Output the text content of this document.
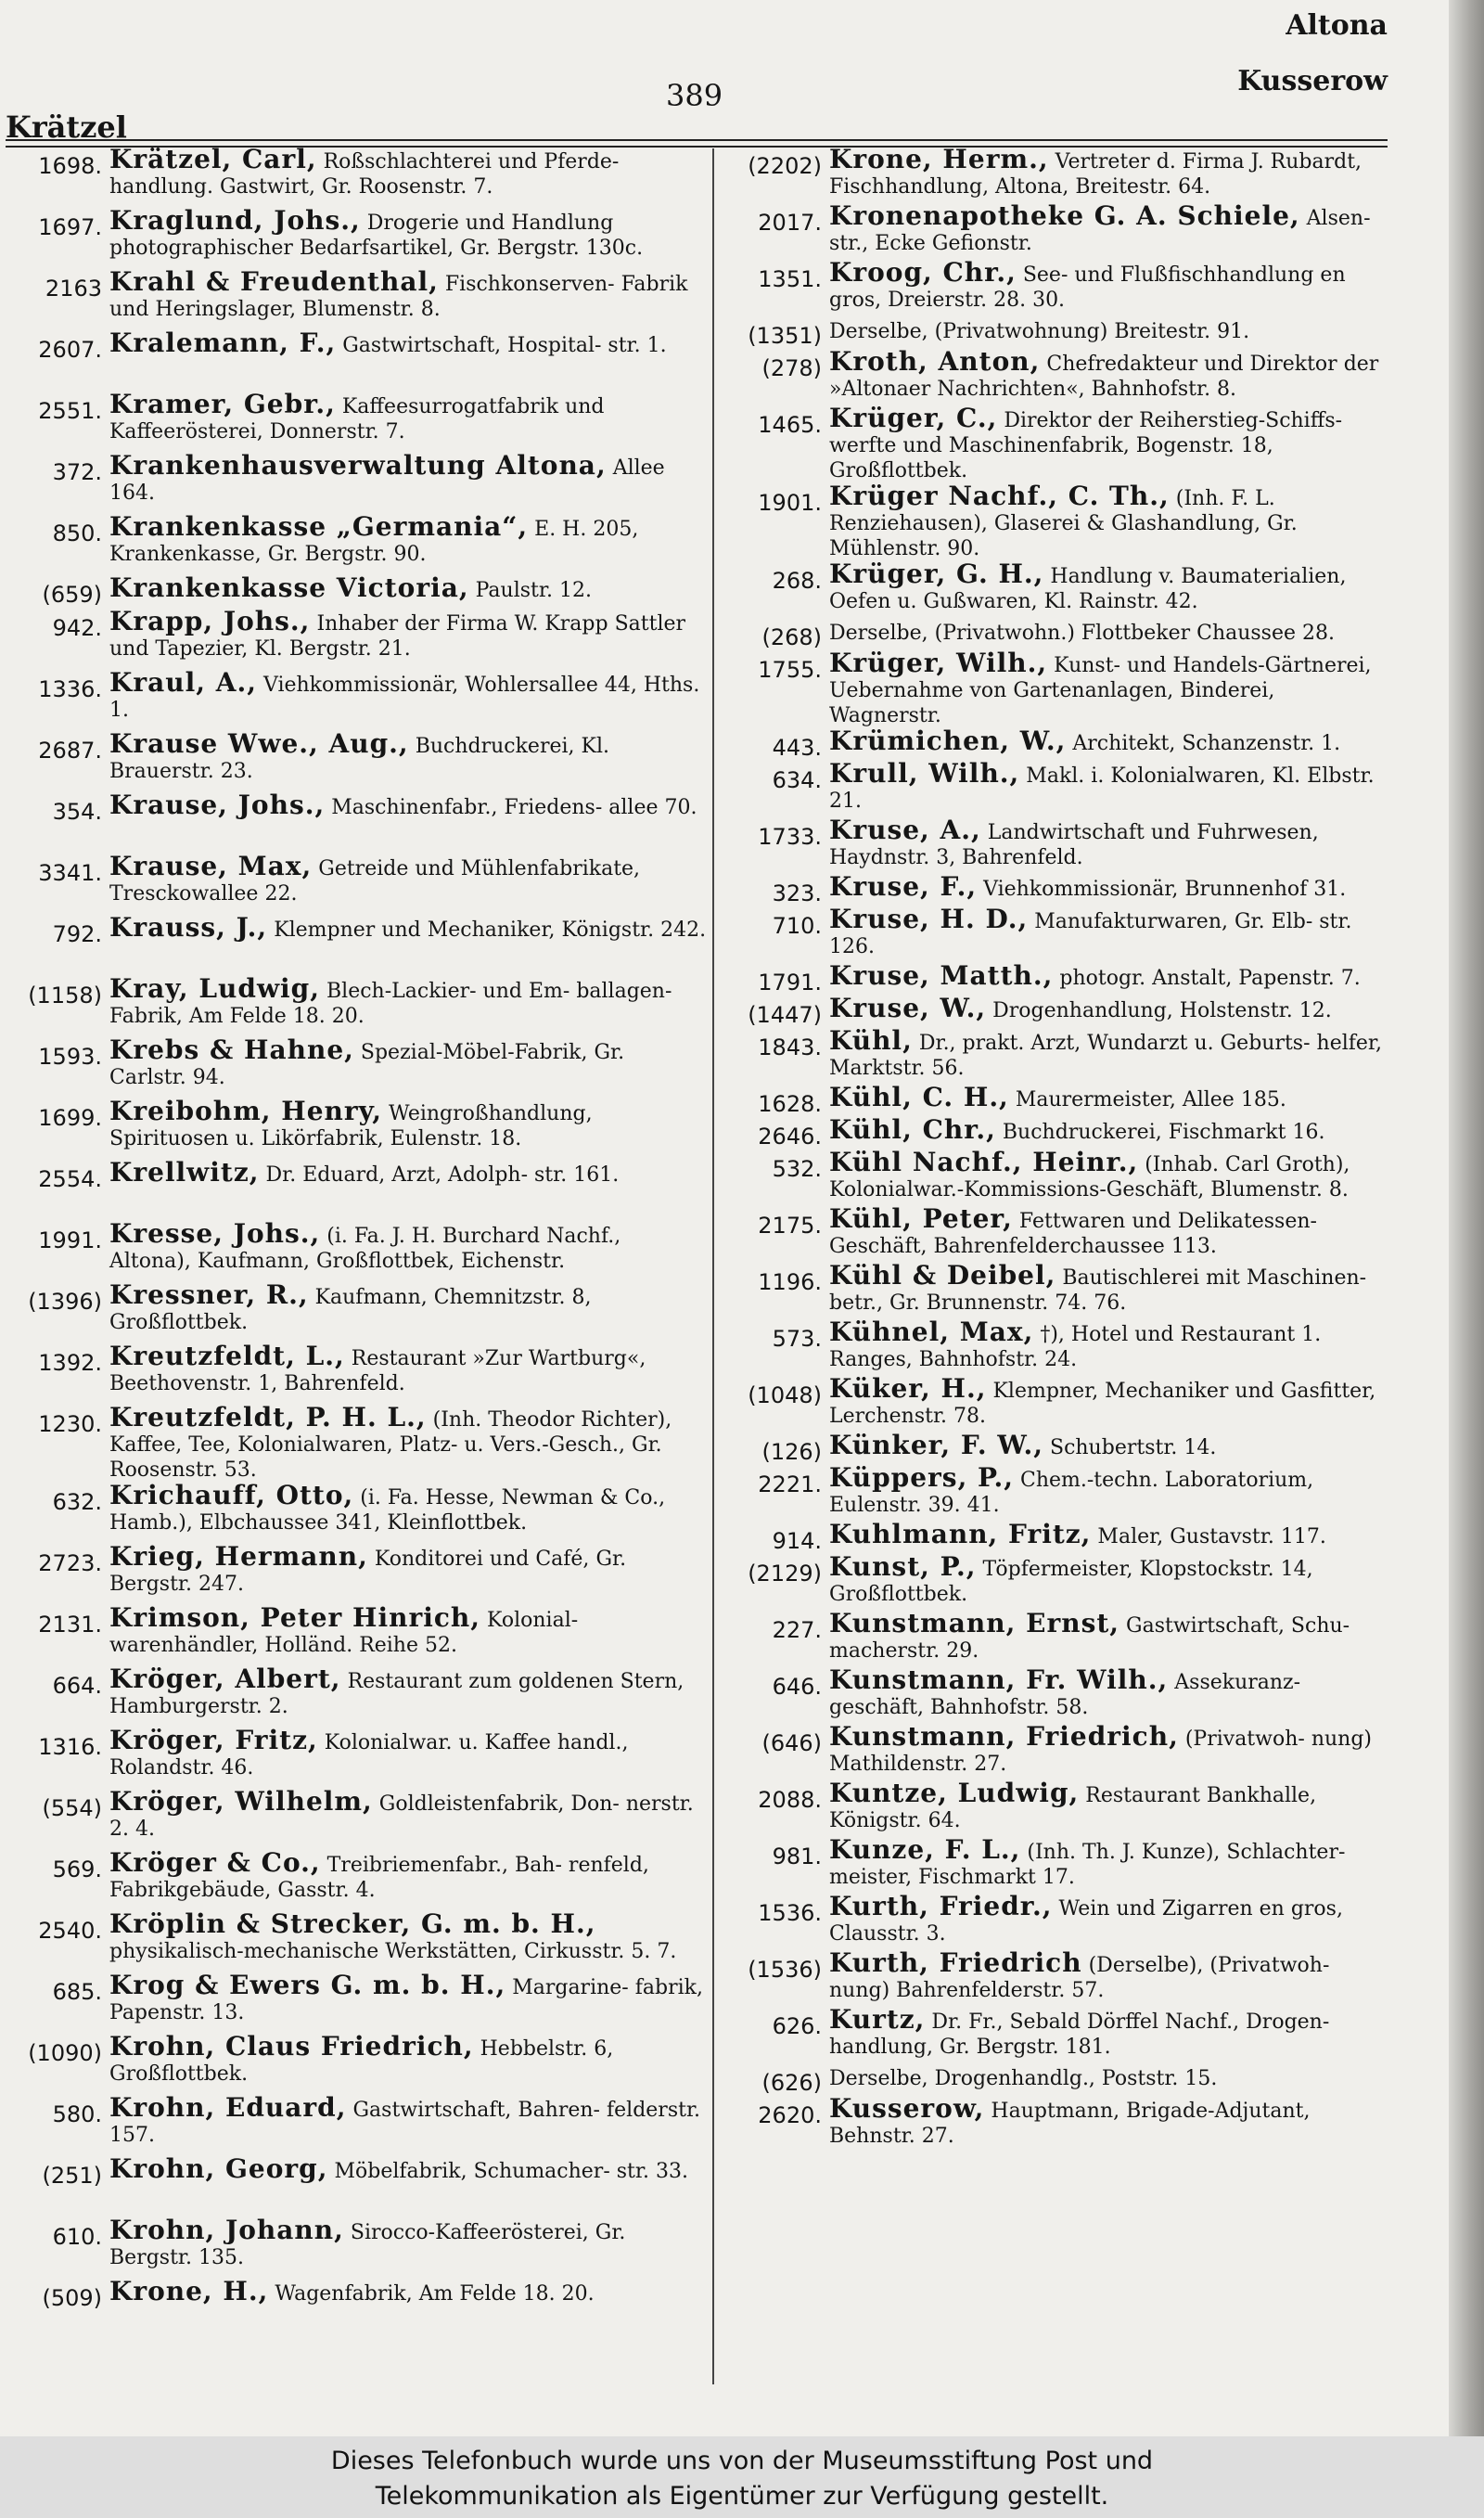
Krätzel
389
Altona
Kusserow
1698. Krätzel, Carl, Roßschlachterei und Pferde- handlung. Gastwirt, Gr. Roosenstr. 7.
1697. Kraglund, Johs., Drogerie und Handlung photographischer Bedarfsartikel, Gr. Bergstr. 130c.
2163 Krahl & Freudenthal, Fischkonserven- Fabrik und Heringslager, Blumenstr. 8.
2607. Kralemann, F., Gastwirtschaft, Hospital- str. 1.
2551. Kramer, Gebr., Kaffeesurrogatfabrik und Kaffeerösterei, Donnerstr. 7.
372. Krankenhausverwaltung Altona, Allee 164.
850. Krankenkasse „Germania“, E. H. 205, Krankenkasse, Gr. Bergstr. 90.
(659) Krankenkasse Victoria, Paulstr. 12.
942. Krapp, Johs., Inhaber der Firma W. Krapp Sattler und Tapezier, Kl. Bergstr. 21.
1336. Kraul, A., Viehkommissionär, Wohlersallee 44, Hths. 1.
2687. Krause Wwe., Aug., Buchdruckerei, Kl. Brauerstr. 23.
354. Krause, Johs., Maschinenfabr., Friedens- allee 70.
3341. Krause, Max, Getreide und Mühlenfabrikate, Tresckowallee 22.
792. Krauss, J., Klempner und Mechaniker, Königstr. 242.
(1158) Kray, Ludwig, Blech-Lackier- und Em- ballagen-Fabrik, Am Felde 18. 20.
1593. Krebs & Hahne, Spezial-Möbel-Fabrik, Gr. Carlstr. 94.
1699. Kreibohm, Henry, Weingroßhandlung, Spirituosen u. Likörfabrik, Eulenstr. 18.
2554. Krellwitz, Dr. Eduard, Arzt, Adolph- str. 161.
1991. Kresse, Johs., (i. Fa. J. H. Burchard Nachf., Altona), Kaufmann, Großflottbek, Eichenstr.
(1396) Kressner, R., Kaufmann, Chemnitzstr. 8, Großflottbek.
1392. Kreutzfeldt, L., Restaurant »Zur Wartburg«, Beethovenstr. 1, Bahrenfeld.
1230. Kreutzfeldt, P. H. L., (Inh. Theodor Richter), Kaffee, Tee, Kolonialwaren, Platz- u. Vers.-Gesch., Gr. Roosenstr. 53.
632. Krichauff, Otto, (i. Fa. Hesse, Newman & Co., Hamb.), Elbchaussee 341, Kleinflottbek.
2723. Krieg, Hermann, Konditorei und Café, Gr. Bergstr. 247.
2131. Krimson, Peter Hinrich, Kolonial- warenhändler, Holländ. Reihe 52.
664. Kröger, Albert, Restaurant zum goldenen Stern, Hamburgerstr. 2.
1316. Kröger, Fritz, Kolonialwar. u. Kaffee handl., Rolandstr. 46.
(554) Kröger, Wilhelm, Goldleistenfabrik, Don- nerstr. 2. 4.
569. Kröger & Co., Treibriemenfabr., Bah- renfeld, Fabrikgebäude, Gasstr. 4.
2540. Kröplin & Strecker, G. m. b. H., physikalisch-mechanische Werkstätten, Cirkusstr. 5. 7.
685. Krog & Ewers G. m. b. H., Margarine- fabrik, Papenstr. 13.
(1090) Krohn, Claus Friedrich, Hebbelstr. 6, Großflottbek.
580. Krohn, Eduard, Gastwirtschaft, Bahren- felderstr. 157.
(251) Krohn, Georg, Möbelfabrik, Schumacher- str. 33.
610. Krohn, Johann, Sirocco-Kaffeerösterei, Gr. Bergstr. 135.
(509) Krone, H., Wagenfabrik, Am Felde 18. 20.
(2202) Krone, Herm., Vertreter d. Firma J. Rubardt, Fischhandlung, Altona, Breitestr. 64.
2017. Kronenapotheke G. A. Schiele, Alsen- str., Ecke Gefionstr.
1351. Kroog, Chr., See- und Flußfischhandlung en gros, Dreierstr. 28. 30.
(1351) Derselbe, (Privatwohnung) Breitestr. 91.
(278) Kroth, Anton, Chefredakteur und Direktor der »Altonaer Nachrichten«, Bahnhofstr. 8.
1465. Krüger, C., Direktor der Reiherstieg-Schiffs- werfte und Maschinenfabrik, Bogenstr. 18, Großflottbek.
1901. Krüger Nachf., C. Th., (Inh. F. L. Renziehausen), Glaserei & Glashandlung, Gr. Mühlenstr. 90.
268. Krüger, G. H., Handlung v. Baumaterialien, Oefen u. Gußwaren, Kl. Rainstr. 42.
(268) Derselbe, (Privatwohn.) Flottbeker Chaussee 28.
1755. Krüger, Wilh., Kunst- und Handels-Gärtnerei, Uebernahme von Gartenanlagen, Binderei, Wagnerstr.
443. Krümichen, W., Architekt, Schanzenstr. 1.
634. Krull, Wilh., Makl. i. Kolonialwaren, Kl. Elbstr. 21.
1733. Kruse, A., Landwirtschaft und Fuhrwesen, Haydnstr. 3, Bahrenfeld.
323. Kruse, F., Viehkommissionär, Brunnenhof 31.
710. Kruse, H. D., Manufakturwaren, Gr. Elb- str. 126.
1791. Kruse, Matth., photogr. Anstalt, Papenstr. 7.
(1447) Kruse, W., Drogenhandlung, Holstenstr. 12.
1843. Kühl, Dr., prakt. Arzt, Wundarzt u. Geburts- helfer, Marktstr. 56.
1628. Kühl, C. H., Maurermeister, Allee 185.
2646. Kühl, Chr., Buchdruckerei, Fischmarkt 16.
532. Kühl Nachf., Heinr., (Inhab. Carl Groth), Kolonialwar.-Kommissions-Geschäft, Blumenstr. 8.
2175. Kühl, Peter, Fettwaren und Delikatessen- Geschäft, Bahrenfelderchaussee 113.
1196. Kühl & Deibel, Bautischlerei mit Maschinen- betr., Gr. Brunnenstr. 74. 76.
573. Kühnel, Max, †), Hotel und Restaurant 1. Ranges, Bahnhofstr. 24.
(1048) Küker, H., Klempner, Mechaniker und Gasfitter, Lerchenstr. 78.
(126) Künker, F. W., Schubertstr. 14.
2221. Küppers, P., Chem.-techn. Laboratorium, Eulenstr. 39. 41.
914. Kuhlmann, Fritz, Maler, Gustavstr. 117.
(2129) Kunst, P., Töpfermeister, Klopstockstr. 14, Großflottbek.
227. Kunstmann, Ernst, Gastwirtschaft, Schu- macherstr. 29.
646. Kunstmann, Fr. Wilh., Assekuranz- geschäft, Bahnhofstr. 58.
(646) Kunstmann, Friedrich, (Privatwoh- nung) Mathildenstr. 27.
2088. Kuntze, Ludwig, Restaurant Bankhalle, Königstr. 64.
981. Kunze, F. L., (Inh. Th. J. Kunze), Schlachter- meister, Fischmarkt 17.
1536. Kurth, Friedr., Wein und Zigarren en gros, Clausstr. 3.
(1536) Kurth, Friedrich (Derselbe), (Privatwoh- nung) Bahrenfelderstr. 57.
626. Kurtz, Dr. Fr., Sebald Dörffel Nachf., Drogen- handlung, Gr. Bergstr. 181.
(626) Derselbe, Drogenhandlg., Poststr. 15.
2620. Kusserow, Hauptmann, Brigade-Adjutant, Behnstr. 27.
Dieses Telefonbuch wurde uns von der Museumsstiftung Post und
Telekommunikation als Eigentümer zur Verfügung gestellt.
